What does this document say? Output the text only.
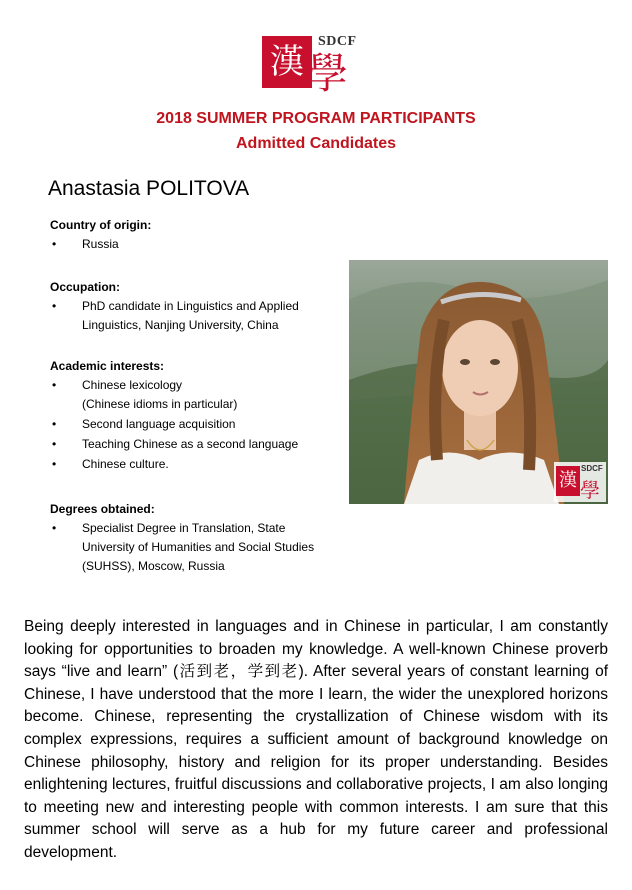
漢
SDCF
學
2018 SUMMER PROGRAM PARTICIPANTS
Admitted Candidates
Anastasia POLITOVA
Country of origin:
• Russia
Occupation:
• PhD candidate in Linguistics and Applied
Linguistics, Nanjing University, China
Academic interests:
• Chinese lexicology
(Chinese idioms in particular)
• Second language acquisition
• Teaching Chinese as a second language
• Chinese culture.
Degrees obtained:
• Specialist Degree in Translation, State
University of Humanities and Social Studies
(SUHSS), Moscow, Russia
漢
SDCF
學
Being deeply interested in languages and in Chinese in particular, I am constantly looking for opportunities to broaden my knowledge. A well-known Chinese proverb says “live and learn” (活到老，学到老). After several years of constant learning of Chinese, I have understood that the more I learn, the wider the unexplored horizons become. Chinese, representing the crystallization of Chinese wisdom with its complex expressions, requires a sufficient amount of background knowledge on Chinese philosophy, history and religion for its proper understanding. Besides enlightening lectures, fruitful discussions and collaborative projects, I am also longing to meeting new and interesting people with common interests. I am sure that this summer school will serve as a hub for my future career and professional development.
